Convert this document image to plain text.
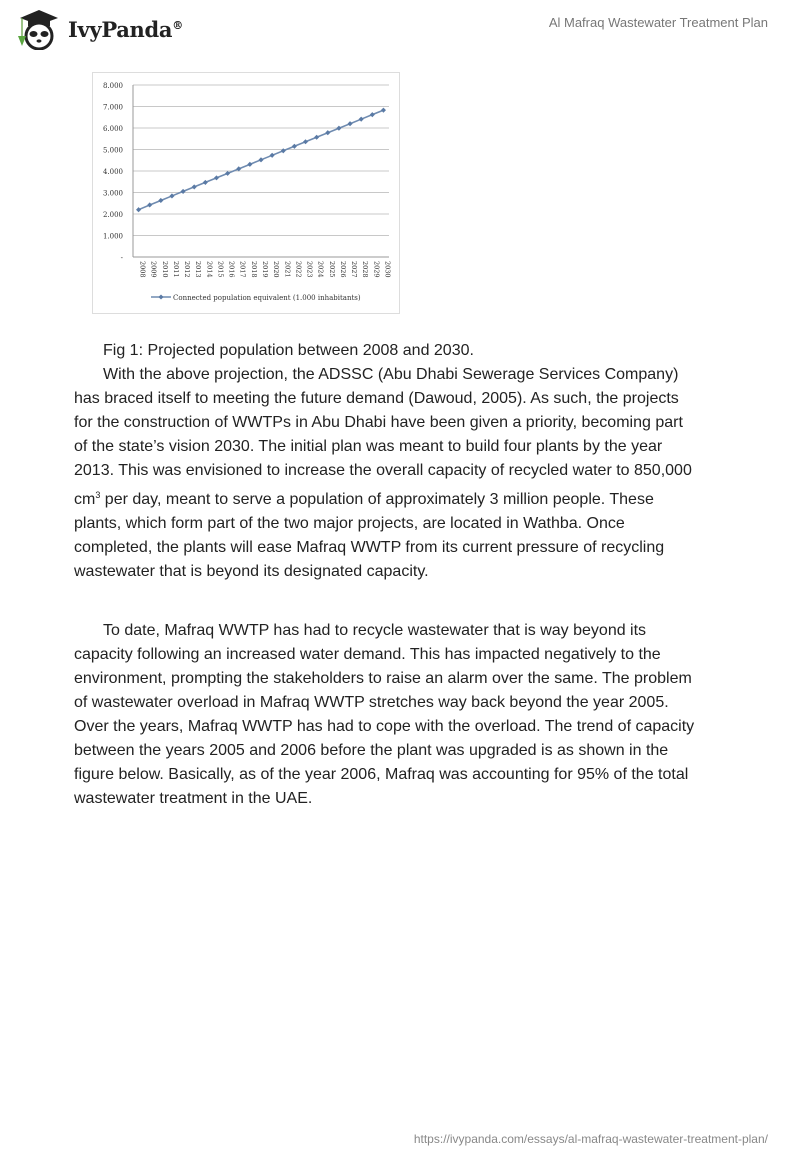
IvyPanda®	Al Mafraq Wastewater Treatment Plan
-
1.000
2.000
3.000
4.000
5.000
6.000
7.000
8.000
2008 2009 2010 2011 2012 2013 2014 2015 2016 2017 2018 2019 2020 2021 2022 2023 2024 2025 2026 2027 2028 2029 2030
Connected population equivalent (1.000 inhabitants)
Fig 1: Projected population between 2008 and 2030.
With the above projection, the ADSSC (Abu Dhabi Sewerage Services Company)
has braced itself to meeting the future demand (Dawoud, 2005). As such, the projects
for the construction of WWTPs in Abu Dhabi have been given a priority, becoming part
of the state’s vision 2030. The initial plan was meant to build four plants by the year
2013. This was envisioned to increase the overall capacity of recycled water to 850,000
$cm^3$ per day, meant to serve a population of approximately 3 million people. These
plants, which form part of the two major projects, are located in Wathba. Once
completed, the plants will ease Mafraq WWTP from its current pressure of recycling
wastewater that is beyond its designated capacity.
To date, Mafraq WWTP has had to recycle wastewater that is way beyond its
capacity following an increased water demand. This has impacted negatively to the
environment, prompting the stakeholders to raise an alarm over the same. The problem
of wastewater overload in Mafraq WWTP stretches way back beyond the year 2005.
Over the years, Mafraq WWTP has had to cope with the overload. The trend of capacity
between the years 2005 and 2006 before the plant was upgraded is as shown in the
figure below. Basically, as of the year 2006, Mafraq was accounting for 95% of the total
wastewater treatment in the UAE.
https://ivypanda.com/essays/al-mafraq-wastewater-treatment-plan/
